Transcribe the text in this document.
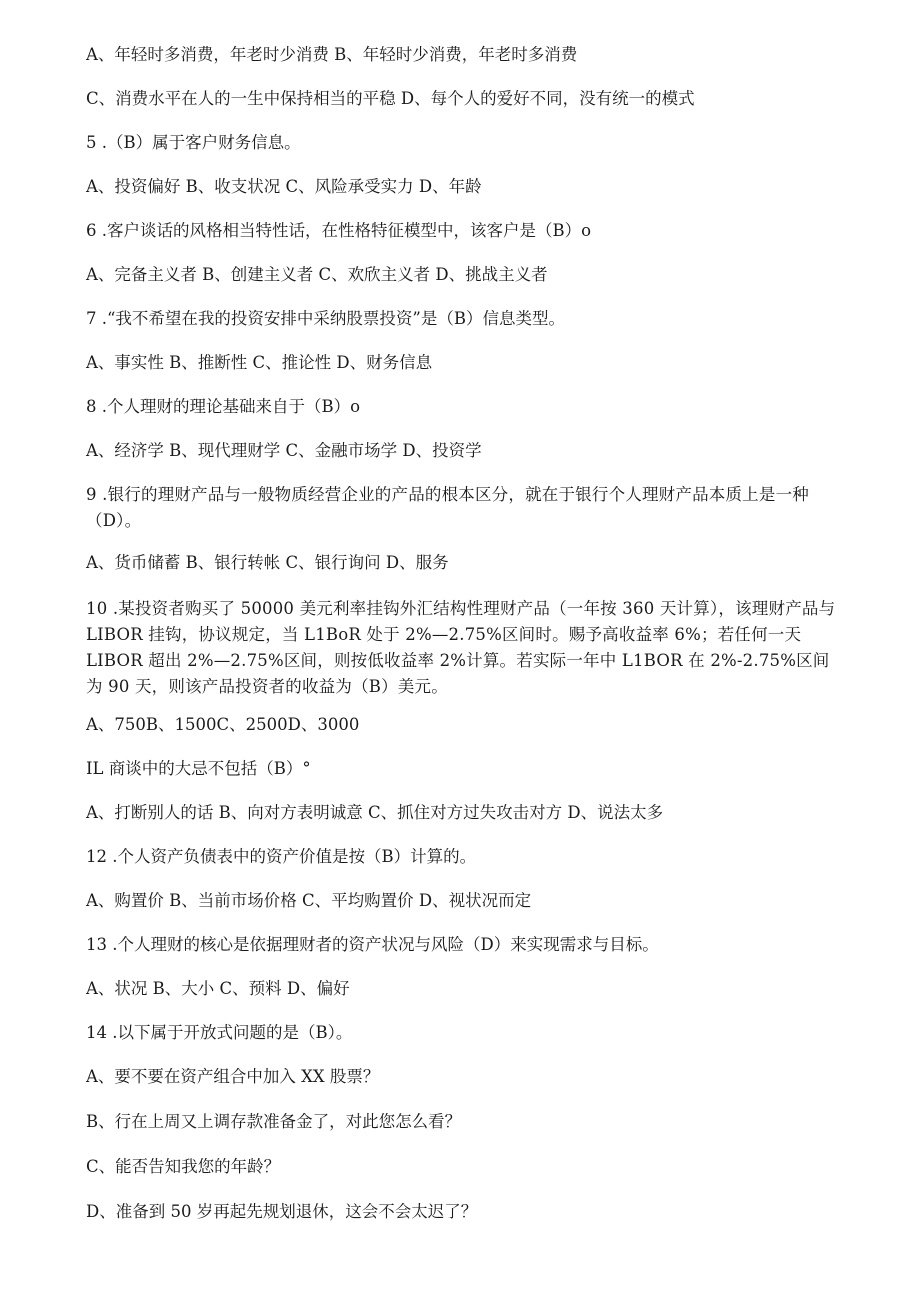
A、年轻时多消费，年老时少消费 B、年轻时少消费，年老时多消费
C、消费水平在人的一生中保持相当的平稳 D、每个人的爱好不同，没有统一的模式
5 .（B）属于客户财务信息。
A、投资偏好 B、收支状况 C、风险承受实力 D、年龄
6 .客户谈话的风格相当特性话，在性格特征模型中，该客户是（B）o
A、完备主义者 B、创建主义者 C、欢欣主义者 D、挑战主义者
7 .“我不希望在我的投资安排中采纳股票投资”是（B）信息类型。
A、事实性 B、推断性 C、推论性 D、财务信息
8 .个人理财的理论基础来自于（B）o
A、经济学 B、现代理财学 C、金融市场学 D、投资学
9 .银行的理财产品与一般物质经营企业的产品的根本区分，就在于银行个人理财产品本质上是一种（D）。
A、货币储蓄 B、银行转帐 C、银行询问 D、服务
10 .某投资者购买了 50000 美元利率挂钩外汇结构性理财产品（一年按 360 天计算），该理财产品与 LIBOR 挂钩，协议规定，当 L1BoR 处于 2%—2.75%区间时。赐予高收益率 6%；若任何一天 LIBOR 超出 2%—2.75%区间，则按低收益率 2%计算。若实际一年中 L1BOR 在 2%-2.75%区间为 90 天，则该产品投资者的收益为（B）美元。
A、750B、1500C、2500D、3000
IL 商谈中的大忌不包括（B）°
A、打断别人的话 B、向对方表明诚意 C、抓住对方过失攻击对方 D、说法太多
12 .个人资产负债表中的资产价值是按（B）计算的。
A、购置价 B、当前市场价格 C、平均购置价 D、视状况而定
13 .个人理财的核心是依据理财者的资产状况与风险（D）来实现需求与目标。
A、状况 B、大小 C、预料 D、偏好
14 .以下属于开放式问题的是（B）。
A、要不要在资产组合中加入 XX 股票？
B、行在上周又上调存款准备金了，对此您怎么看？
C、能否告知我您的年龄？
D、准备到 50 岁再起先规划退休，这会不会太迟了？
